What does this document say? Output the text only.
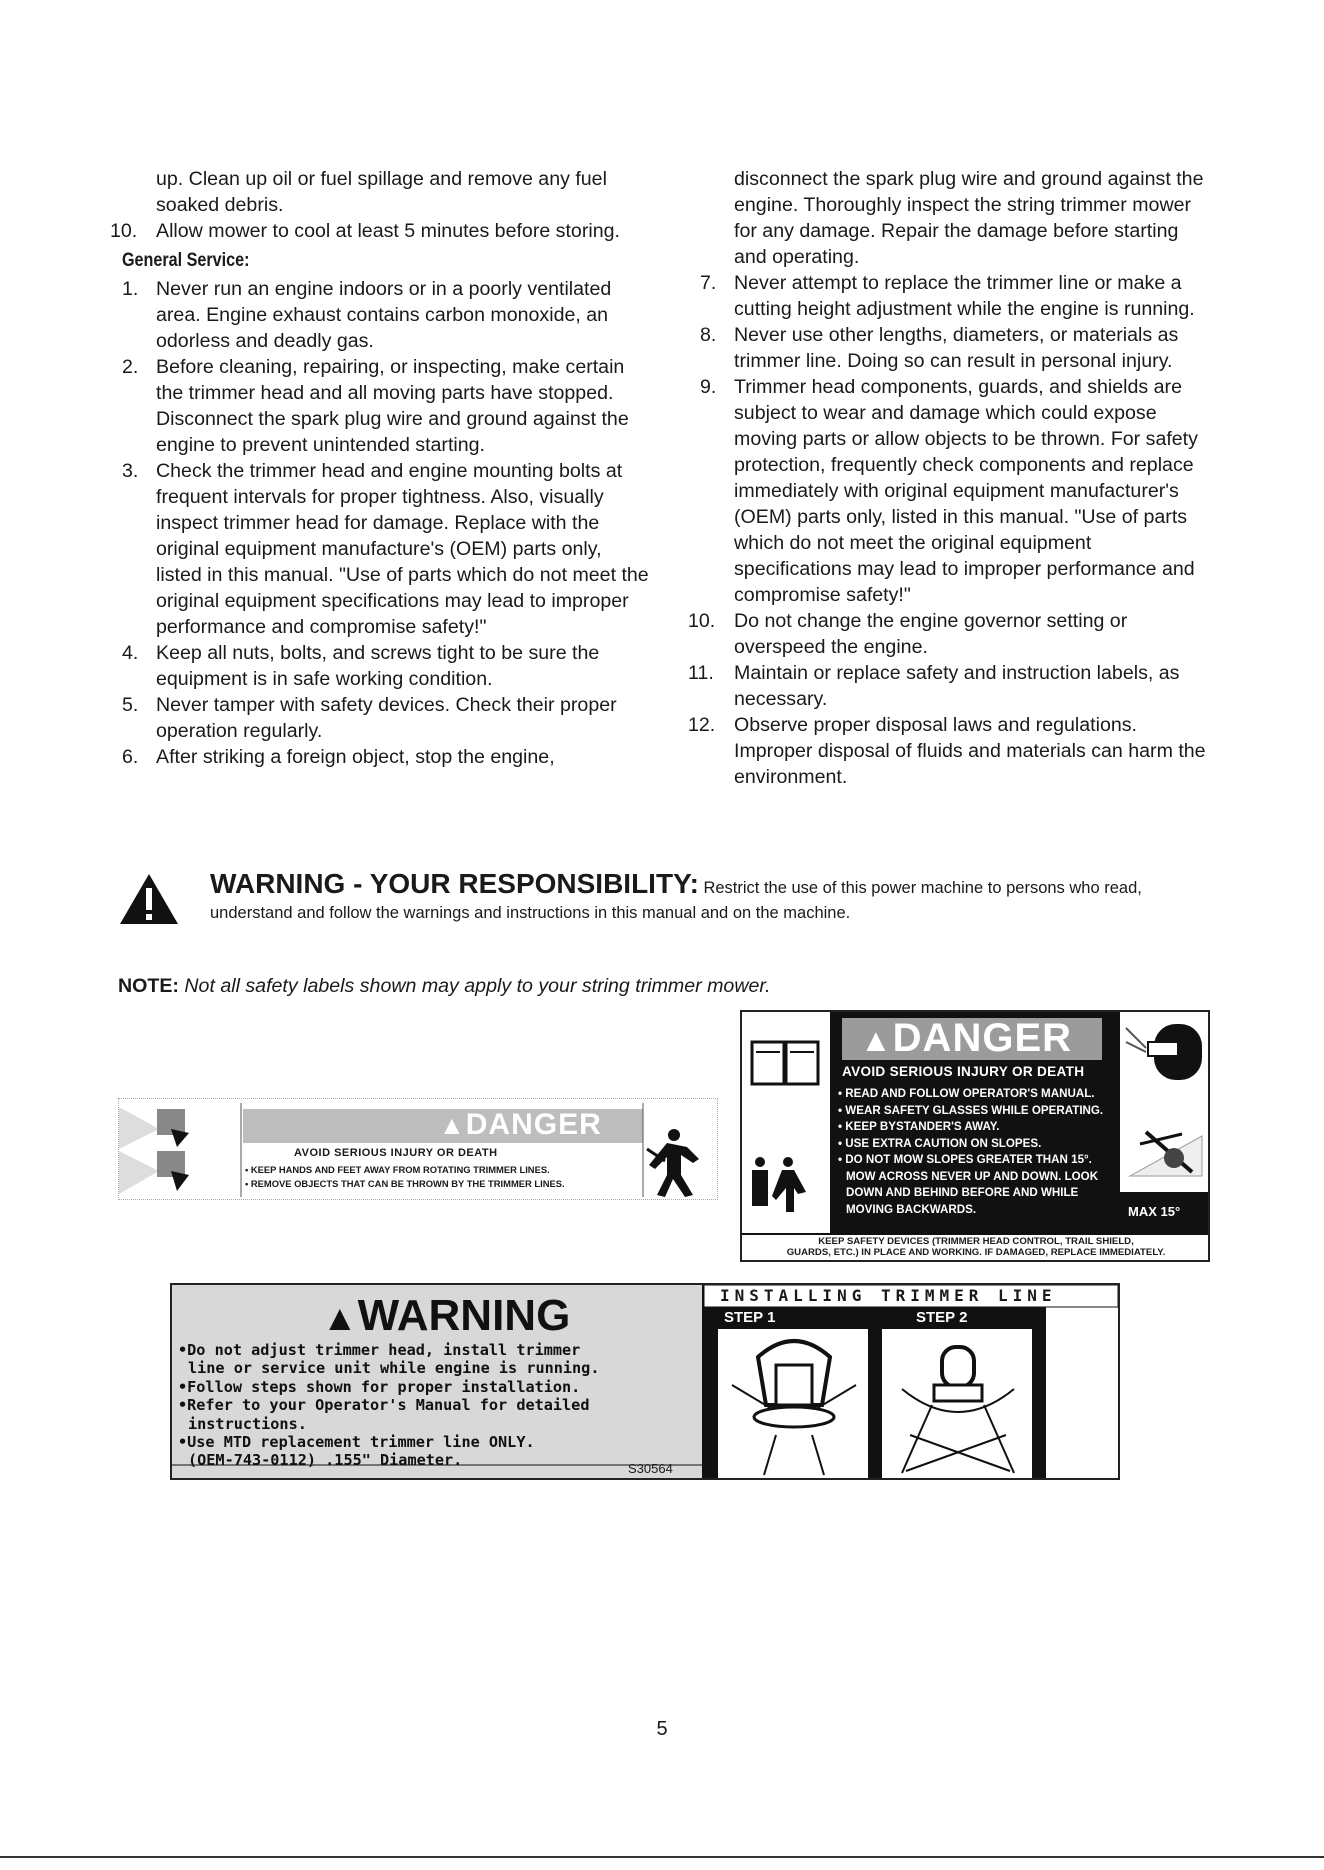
up. Clean up oil or fuel spillage and remove any fuel soaked debris.

10. Allow mower to cool at least 5 minutes before storing.
General Service:
1. Never run an engine indoors or in a poorly ventilated area. Engine exhaust contains carbon monoxide, an odorless and deadly gas.
2. Before cleaning, repairing, or inspecting, make certain the trimmer head and all moving parts have stopped. Disconnect the spark plug wire and ground against the engine to prevent unintended starting.
3. Check the trimmer head and engine mounting bolts at frequent intervals for proper tightness. Also, visually inspect trimmer head for damage. Replace with the original equipment manufacture's (OEM) parts only, listed in this manual. "Use of parts which do not meet the original equipment specifications may lead to improper performance and compromise safety!"
4. Keep all nuts, bolts, and screws tight to be sure the equipment is in safe working condition.
5. Never tamper with safety devices. Check their proper operation regularly.
6. After striking a foreign object, stop the engine,

disconnect the spark plug wire and ground against the engine. Thoroughly inspect the string trimmer mower for any damage. Repair the damage before starting and operating.

7. Never attempt to replace the trimmer line or make a cutting height adjustment while the engine is running.
8. Never use other lengths, diameters, or materials as trimmer line. Doing so can result in personal injury.
9. Trimmer head components, guards, and shields are subject to wear and damage which could expose moving parts or allow objects to be thrown. For safety protection, frequently check components and replace immediately with original equipment manufacturer's (OEM) parts only, listed in this manual. "Use of parts which do not meet the original equipment specifications may lead to improper performance and compromise safety!"
10. Do not change the engine governor setting or overspeed the engine.
11.	Maintain or replace safety and instruction labels, as necessary.
12. Observe proper disposal laws and regulations. Improper disposal of fluids and materials can harm the environment.
WARNING - YOUR RESPONSIBILITY: Restrict the use of this power machine to persons who read,
understand and follow the warnings and instructions in this manual and on the machine.
NOTE: Not all safety labels shown may apply to your string trimmer mower.
▲DANGER
AVOID SERIOUS INJURY OR DEATH
• KEEP HANDS AND FEET AWAY FROM ROTATING TRIMMER LINES.
• REMOVE OBJECTS THAT CAN BE THROWN BY THE TRIMMER LINES.
▲DANGER
AVOID SERIOUS INJURY OR DEATH
• READ AND FOLLOW OPERATOR'S MANUAL.
• WEAR SAFETY GLASSES WHILE OPERATING.
• KEEP BYSTANDER'S AWAY.
• USE EXTRA CAUTION ON SLOPES.
• DO NOT MOW SLOPES GREATER THAN 15°.
MOW ACROSS NEVER UP AND DOWN. LOOK
DOWN AND BEHIND BEFORE AND WHILE
MOVING BACKWARDS.	MAX 15°
KEEP SAFETY DEVICES (TRIMMER HEAD CONTROL, TRAIL SHIELD,
GUARDS, ETC.) IN PLACE AND WORKING. IF DAMAGED, REPLACE IMMEDIATELY.
▲WARNING
•Do not adjust trimmer head, install trimmer
line or service unit while engine is running.
•Follow steps shown for proper installation.
•Refer to your Operator's Manual for detailed
instructions.
•Use MTD replacement trimmer line ONLY.
(OEM-743-0112) .155" Diameter.	S30564
INSTALLING TRIMMER LINE
STEP 1	STEP 2
5
